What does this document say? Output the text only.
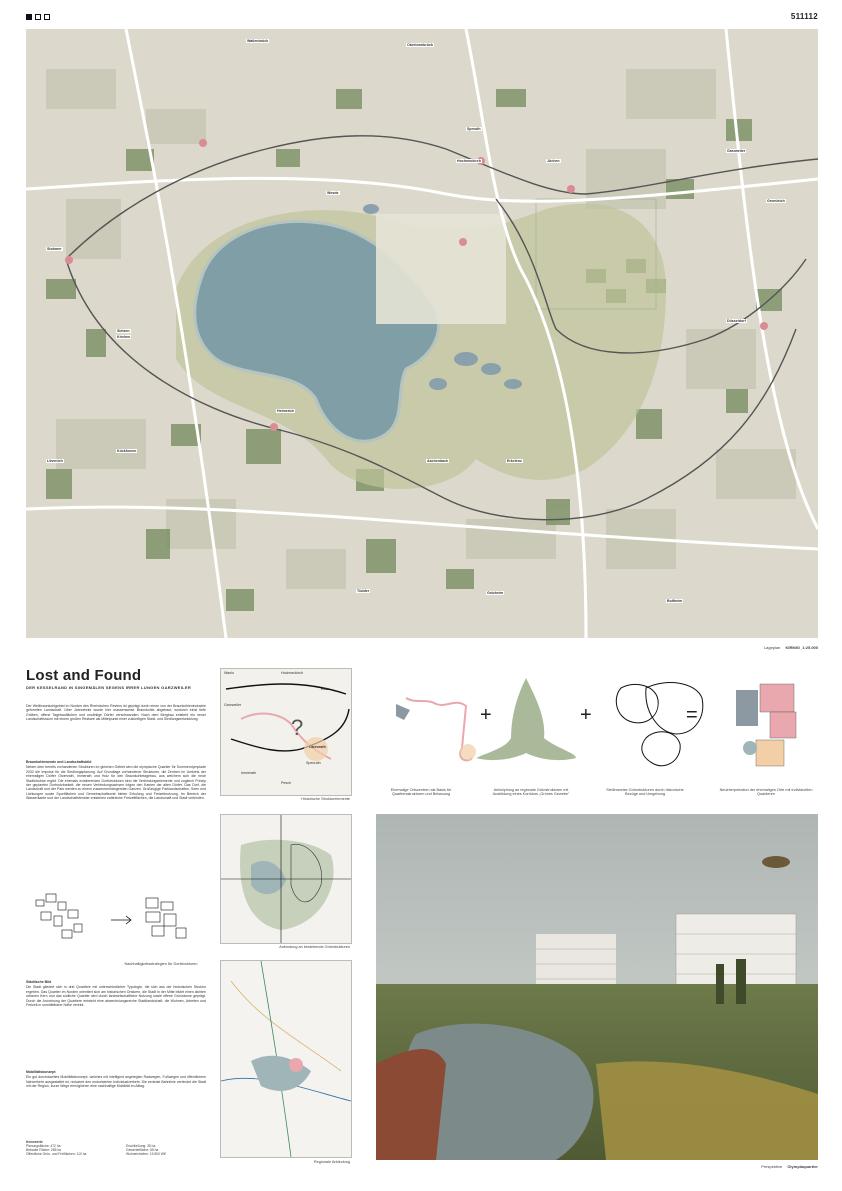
511112
Wallenbrück
Obertonnbrück
Spreuth
Wesde
Hochneukirch	Jüchen
Gromleich
Düsseldorf
Stohmer
Sietzen
Kückhoven
Kirchen
Heimerich
Lövenich	Aachenbach
Tüdder	Golzheim
Boltheim
Erkelenz
Garzweiler
Lageplan KIRMIG_1:25.000
Lost and Found
DER KESSELRAND IN SINGEMÄLEN SEGENS IRRER LUNGEN GARZWEILER
Der Weltbraunkohlgebiet im Norden des Rheinischen Reviers ist geprägt durch einen von der Braunkohlenindustrie geformten Landschaft. Über Jahrzehnte wurde hier massenweise Braunkohle abgebaut, wodurch einst tiefe Gräben, offene Tagebauflächen und unzählige Dörfer verschwanden. Nach dem Bergbau entsteht ein neuer Landschaftsraum mit einem großen Restsee als Mittelpunkt einer zukünftigen Stadt- und Siedlungsentwicklung.
Braunkohlewende und Landschaftsbild
Neben dem bereits vorhandenen Strukturen im gleichen Gebiet wird die olympische Quartier für Sommerolympiade 2032 die Impulse für die Siedlungsplanung. Auf Grundlage vorhandener Strukturen, die Zentren im Umkreis der ehemaligen Dörfer Otzenrath, Immerath und Holz für den Braunkohletagebau, aus welchem sich die neue Stadtstruktur ergibt. Die ehemals existierenden Dorfstrukturen sind die Verbindungselemente und zugleich Prinzip der geplanten Dorfnutzbarkeit; die neuen Verbindungsachsen folgen den Kanten der alten Dörfer. Das Dorf, die Landschaft und der Park werden zu einem zusammenhängenden Ganzen. Großzügige Parklandschaften, Seen und Lichtungen sowie Sportflächen und Gemeinschaftsorte bieten Erholung und Freizeitnutzung. Im Bereich der Wasserkante und der Landschaftsfenster entstehen zahlreiche Freizeitflächen, die Landschaft und Stadt verbinden.
Nachhaltigkeitsstrategien für Dorfstrukturen
Städtische Bild
Die Stadt gliedert sich in drei Quartiere mit unterschiedlicher Typologie, die sich aus der historischen Struktur ergeben. Das Quartier im Norden orientiert sich am historischen Ortskern, die Stadt in der Mitte bildet einen dichten urbanen Kern und das südliche Quartier wird durch landwirtschaftliche Nutzung sowie offene Grünräume geprägt. Durch die Anordnung der Quartiere entsteht eine abwechslungsreiche Stadtlandschaft, die Wohnen, Arbeiten und Freizeit in unmittelbarer Nähe vereint.
Mobilitätskonzept
Ein gut durchdachtes Mobilitätskonzept, welches mit intelligent angelegten Radwegen, Fußwegen und öffentlichem Nahverkehr ausgestattet ist, reduziert den motorisierten Individualverkehr. Die zentrale Bahnlinie verbindet die Stadt mit der Region, kurze Wege ermöglichen eine nachhaltige Mobilität im Alltag.
Kennwerte
Planungsfläche: 472 ha
Bebaute Fläche: 285 ha
Öffentliche Grün- und Freiflächen: 110 ha
Erschließung: 35 ha
Gewerbefläche: 55 ha
Wohneinheiten: 19.800 WE
?
Wanlo	Hochneukirch
Holz
Garzweiler
Otzenrath
Spenrath
Immerath
Pesch
Historische Strukturelemente
Anbindung an bestehende Grünstrukturen
Regionale Anbindung
+	+	=
Ehemalige Ortszentren als Basis für Quartiersstrukturen und Bebauung
Anknüpfung an regionale Grünstrukturen mit Ausbildung eines Korridors „Grünes Gewebe“
Stellenweise Grünstrukturen durch historische Bezüge und Umgebung
Neuinterpretation der ehemaligen Orte mit individuellen Quartieren
Perspektive Olympiaquartier
